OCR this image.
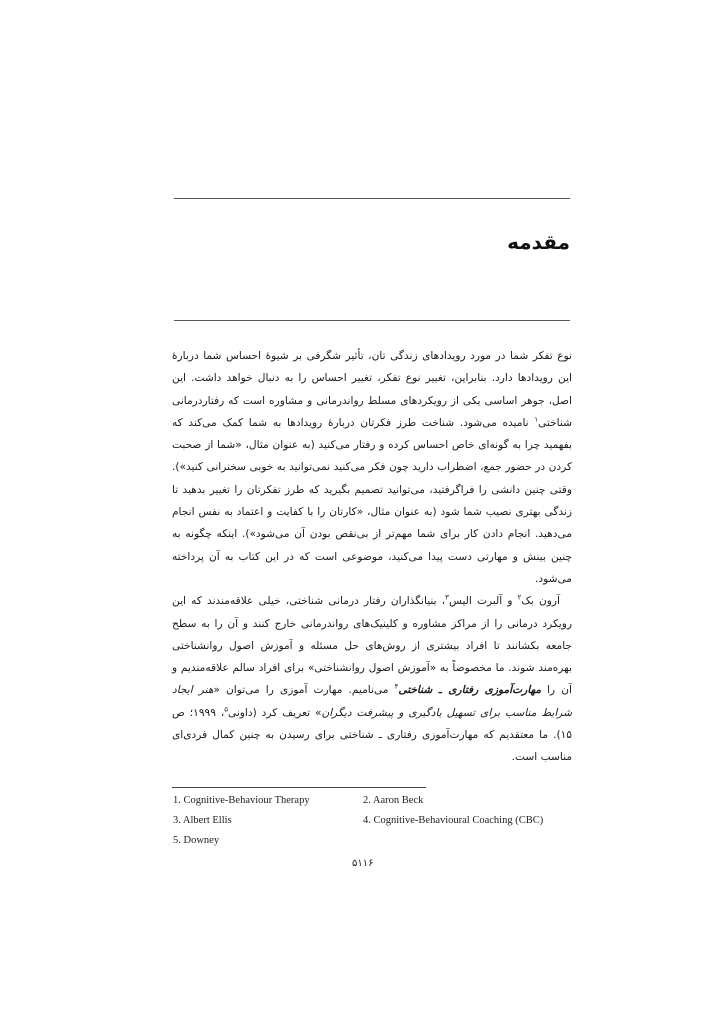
مقدمه

نوع تفکر شما در مورد رویدادهای زندگی تان، تأثیر شگرفی بر شیوهٔ احساس شما دربارهٔ این رویدادها دارد. بنابراین، تغییر نوع تفکر، تغییر احساس را به دنبال خواهد داشت. این اصل، جوهر اساسی یکی از رویکردهای مسلط رواندرمانی و مشاوره است که رفتاردرمانی شناختی$^۱$ نامیده می‌شود. شناخت طرز فکرتان دربارهٔ رویدادها به شما کمک می‌کند که بفهمید چرا به گونه‌ای خاص احساس کرده و رفتار می‌کنید (به عنوان مثال، «شما از صحبت کردن در حضور جمع، اضطراب دارید چون فکر می‌کنید نمی‌توانید به خوبی سخنرانی کنید»). وقتی چنین دانشی را فراگرفتید، می‌توانید تصمیم بگیرید که طرز تفکرتان را تغییر بدهید تا زندگی بهتری نصیب شما شود (به عنوان مثال، «کارتان را با کفایت و اعتماد به نفس انجام می‌دهید. انجام دادن کار برای شما مهم‌تر از بی‌نقص بودن آن می‌شود»). اینکه چگونه به چنین بینش و مهارتی دست پیدا می‌کنید، موضوعی است که در این کتاب به آن پرداخته می‌شود.

آرون بک$^۲$ و آلبرت الیس$^۳$، بنیانگذاران رفتار درمانی شناختی، خیلی علاقه‌مندند که این رویکرد درمانی را از مراکز مشاوره و کلینیک‌های رواندرمانی خارج کنند و آن را به سطح جامعه بکشانند تا افراد بیشتری از روش‌های حل مسئله و آموزش اصول روانشناختی بهره‌مند شوند. ما مخصوصاً به «آموزش اصول روانشناختی» برای افراد سالم علاقه‌مندیم و آن را مهارت‌آموزی رفتاری ـ شناختی$^۴$ می‌نامیم. مهارت آموزی را می‌توان «هنر ایجاد شرایط مناسب برای تسهیل یادگیری و پیشرفت دیگران» تعریف کرد (داونی$^۵$، ۱۹۹۹؛ ص ۱۵). ما معتقدیم که مهارت‌آموزی رفتاری ـ شناختی برای رسیدن به چنین کمال فردی‌ای مناسب است.

1. Cognitive-Behaviour Therapy	2. Aaron Beck
3. Albert Ellis	4. Cognitive-Behavioural Coaching (CBC)
5. Downey
۵۱۱۶
